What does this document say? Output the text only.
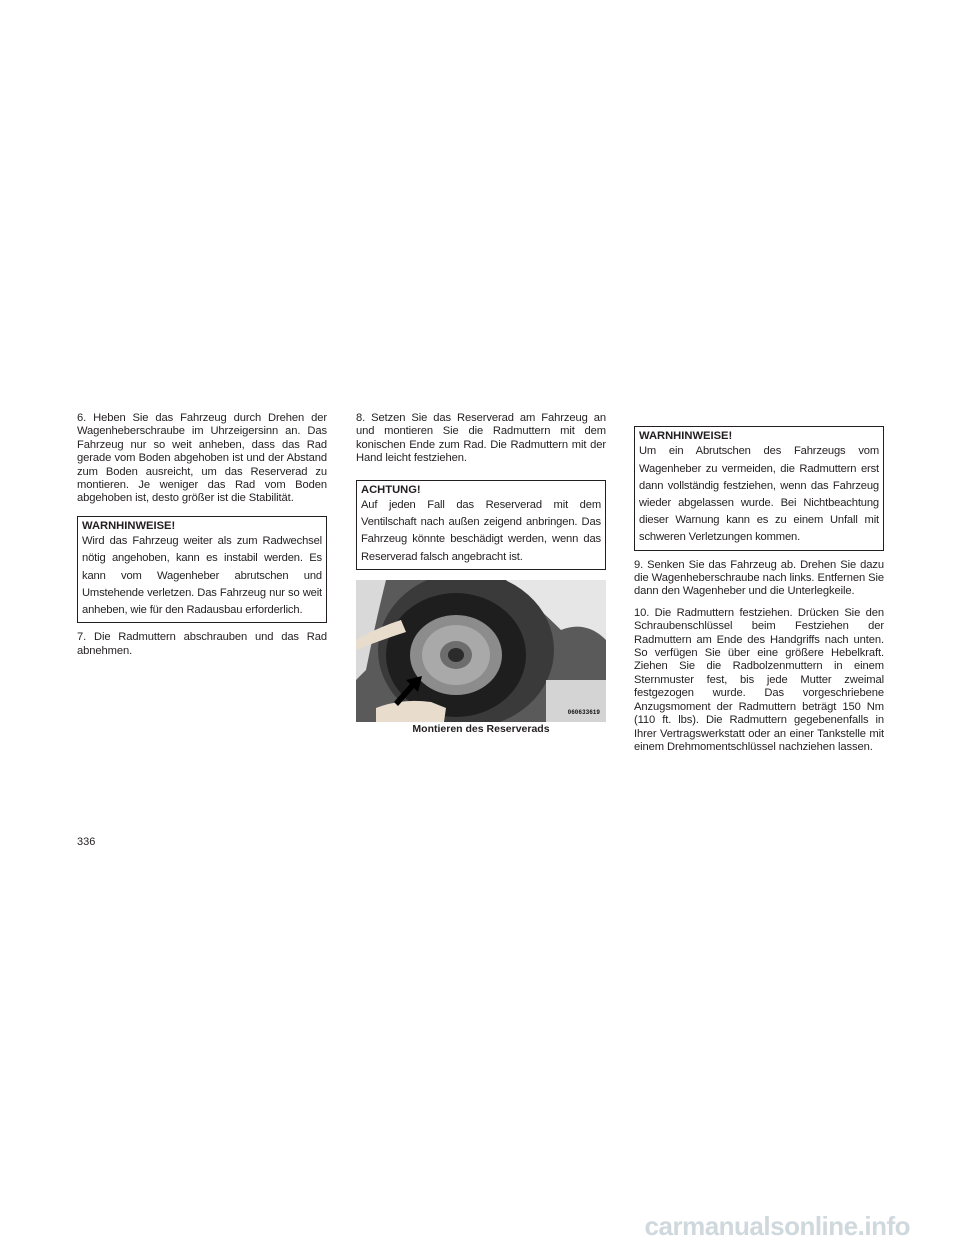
6. Heben Sie das Fahrzeug durch Drehen der Wagenheberschraube im Uhrzeigersinn an. Das Fahrzeug nur so weit anheben, dass das Rad gerade vom Boden abgehoben ist und der Abstand zum Boden ausreicht, um das Reserverad zu montieren. Je weniger das Rad vom Boden abgehoben ist, desto größer ist die Stabilität.

WARNHINWEISE!
Wird das Fahrzeug weiter als zum Radwechsel nötig angehoben, kann es instabil werden. Es kann vom Wagenheber abrutschen und Umstehende verletzen. Das Fahrzeug nur so weit anheben, wie für den Radausbau erforderlich.

7. Die Radmuttern abschrauben und das Rad abnehmen.

8. Setzen Sie das Reserverad am Fahrzeug an und montieren Sie die Radmuttern mit dem konischen Ende zum Rad. Die Radmuttern mit der Hand leicht festziehen.

ACHTUNG!
Auf jeden Fall das Reserverad mit dem Ventilschaft nach außen zeigend anbringen. Das Fahrzeug könnte beschädigt werden, wenn das Reserverad falsch angebracht ist.
060633619
Montieren des Reserverads
WARNHINWEISE!
Um ein Abrutschen des Fahrzeugs vom Wagenheber zu vermeiden, die Radmuttern erst dann vollständig festziehen, wenn das Fahrzeug wieder abgelassen wurde. Bei Nichtbeachtung dieser Warnung kann es zu einem Unfall mit schweren Verletzungen kommen.

9. Senken Sie das Fahrzeug ab. Drehen Sie dazu die Wagenheberschraube nach links. Entfernen Sie dann den Wagenheber und die Unterlegkeile.

10. Die Radmuttern festziehen. Drücken Sie den Schraubenschlüssel beim Festziehen der Radmuttern am Ende des Handgriffs nach unten. So verfügen Sie über eine größere Hebelkraft. Ziehen Sie die Radbolzenmuttern in einem Sternmuster fest, bis jede Mutter zweimal festgezogen wurde. Das vorgeschriebene Anzugsmoment der Radmuttern beträgt 150 Nm (110 ft. lbs). Die Radmuttern gegebenenfalls in Ihrer Vertragswerkstatt oder an einer Tankstelle mit einem Drehmomentschlüssel nachziehen lassen.

336
carmanualsonline.info
